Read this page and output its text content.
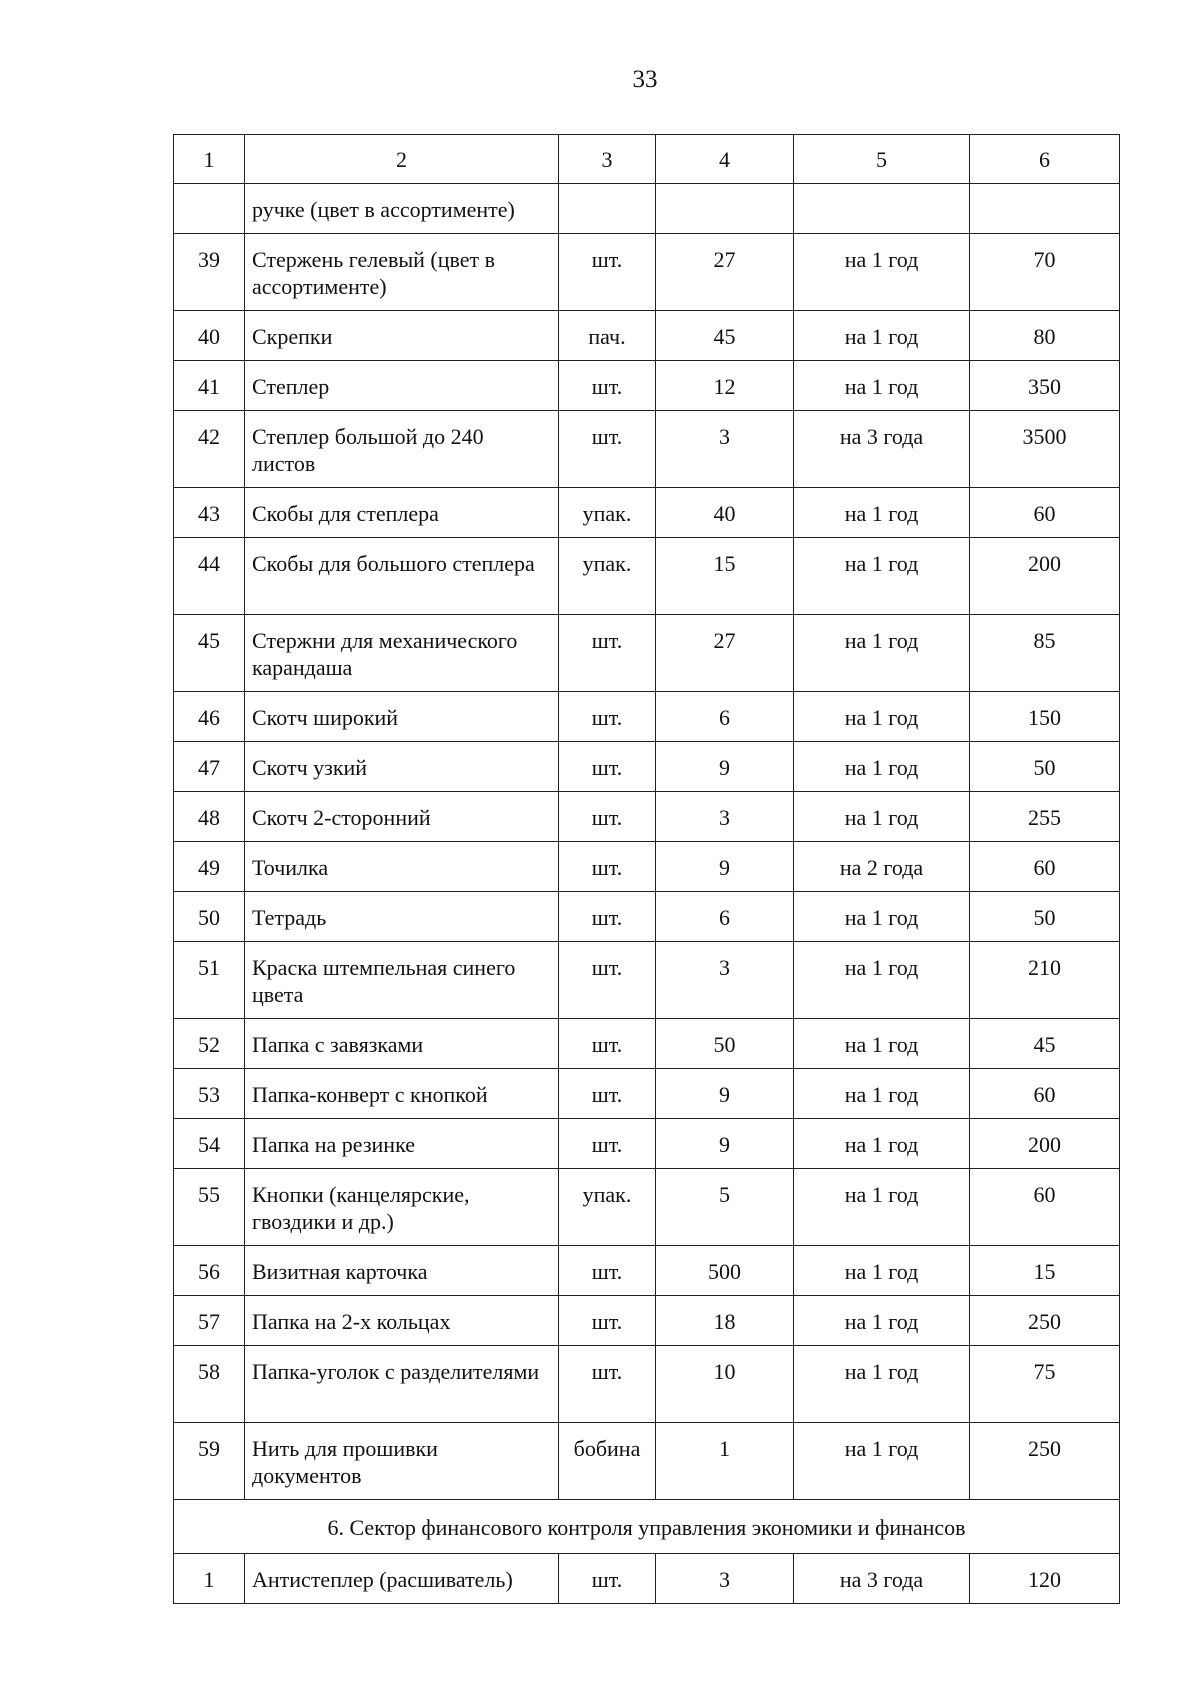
33
1	2	3	4	5	6
	ручке (цвет в ассортименте)				
39	Стержень гелевый (цвет в ассортименте)	шт.	27	на 1 год	70
40	Скрепки	пач.	45	на 1 год	80
41	Степлер	шт.	12	на 1 год	350
42	Степлер большой до 240 листов	шт.	3	на 3 года	3500
43	Скобы для степлера	упак.	40	на 1 год	60
44	Скобы для большого степлера	упак.	15	на 1 год	200
45	Стержни для механического карандаша	шт.	27	на 1 год	85
46	Скотч широкий	шт.	6	на 1 год	150
47	Скотч узкий	шт.	9	на 1 год	50
48	Скотч 2-сторонний	шт.	3	на 1 год	255
49	Точилка	шт.	9	на 2 года	60
50	Тетрадь	шт.	6	на 1 год	50
51	Краска штемпельная синего цвета	шт.	3	на 1 год	210
52	Папка с завязками	шт.	50	на 1 год	45
53	Папка-конверт с кнопкой	шт.	9	на 1 год	60
54	Папка на резинке	шт.	9	на 1 год	200
55	Кнопки (канцелярские, гвоздики и др.)	упак.	5	на 1 год	60
56	Визитная карточка	шт.	500	на 1 год	15
57	Папка на 2-х кольцах	шт.	18	на 1 год	250
58	Папка-уголок с разделителями	шт.	10	на 1 год	75
59	Нить для прошивки документов	бобина	1	на 1 год	250
6. Сектор финансового контроля управления экономики и финансов					
1	Антистеплер (расшиватель)	шт.	3	на 3 года	120
